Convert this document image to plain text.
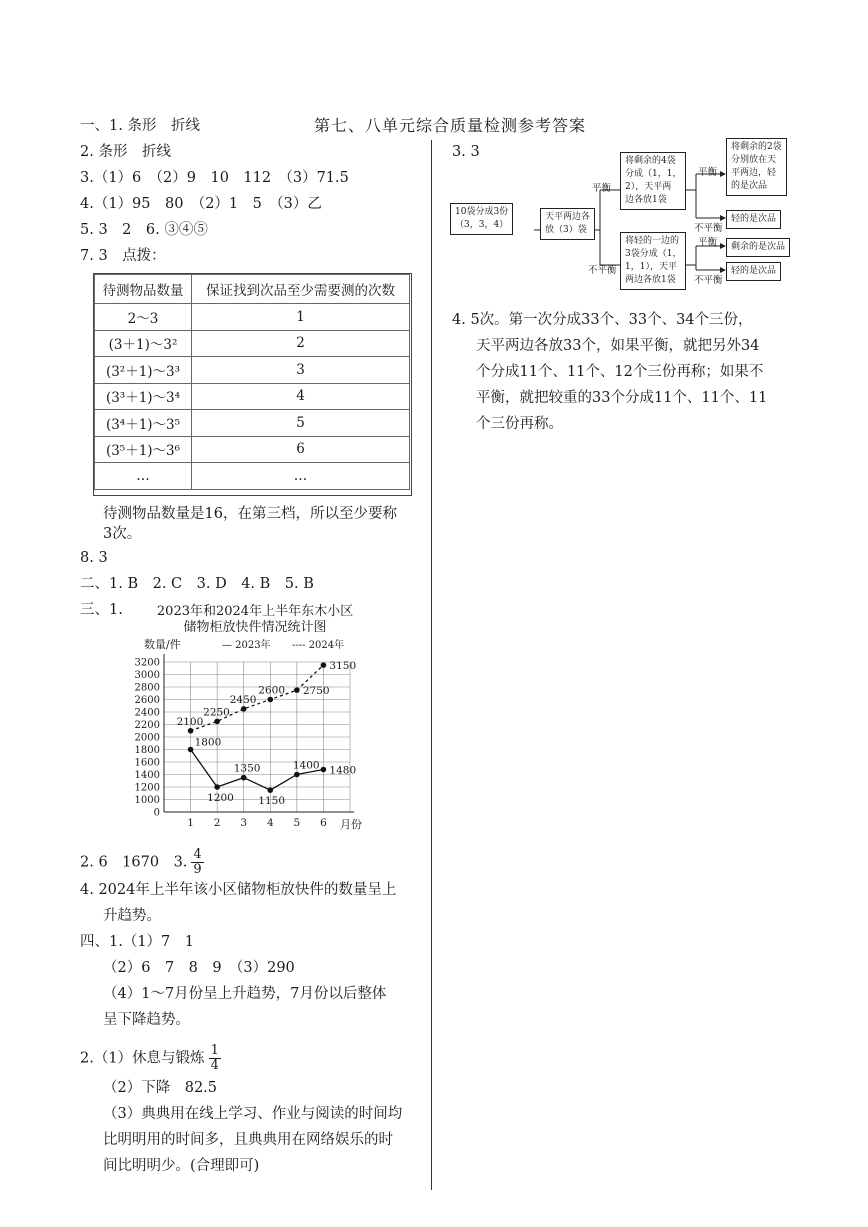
第七、八单元综合质量检测参考答案
一、1. 条形　折线
2. 条形　折线
3.（1）6　（2）9　10　112　（3）71.5
4.（1）95　80　（2）1　5　（3）乙
5. 3　2　6. ③④⑤
7. 3　点拨：
待测物品数量	保证找到次品至少需要测的次数
2～3	1
(3＋1)～3²	2
(3²＋1)～3³	3
(3³＋1)～3⁴	4
(3⁴＋1)～3⁵	5
(3⁵＋1)～3⁶	6
…	…
待测物品数量是16，在第三档，所以至少要称
3次。
8. 3
二、1. B　2. C　3. D　4. B　5. B
三、1.	2023年和2024年上半年东木小区
储物柜放快件情况统计图
数量/件	— 2023年 ---- 2024年
月份
0
1000
1200
1400
1600
1800
2000
2200
2400
2600
2800
3000
3200
1 2 3 4 5 6
1800
1200
1350
1150
1400 1480
2100
2250
2450
2600 2750
3150
2. 6　1670　3. $\frac{4}{9}$
4. 2024年上半年该小区储物柜放快件的数量呈上
升趋势。
四、1.（1）7　1
（2）6　7　8　9　（3）290
（4）1～7月份呈上升趋势，7月份以后整体
呈下降趋势。
2.（1）休息与锻炼 $\frac{1}{4}$
（2）下降　82.5
（3）典典用在线上学习、作业与阅读的时间均
比明明用的时间多，且典典用在网络娱乐的时
间比明明少。(合理即可)
3. 3
10袋分成3份
（3，3，4）
天平两边各
放（3）袋
平衡
不平衡
将剩余的4袋
分成（1，1，
2），天平两
边各放1袋
将轻的一边的
3袋分成（1，
1，1），天平
两边各放1袋
平衡
不平衡
平衡
不平衡
将剩余的2袋
分别放在天
平两边，轻
的是次品
轻的是次品
剩余的是次品
轻的是次品
4. 5次。第一次分成33个、33个、34个三份，
天平两边各放33个，如果平衡，就把另外34
个分成11个、11个、12个三份再称；如果不
平衡，就把较重的33个分成11个、11个、11
个三份再称。
